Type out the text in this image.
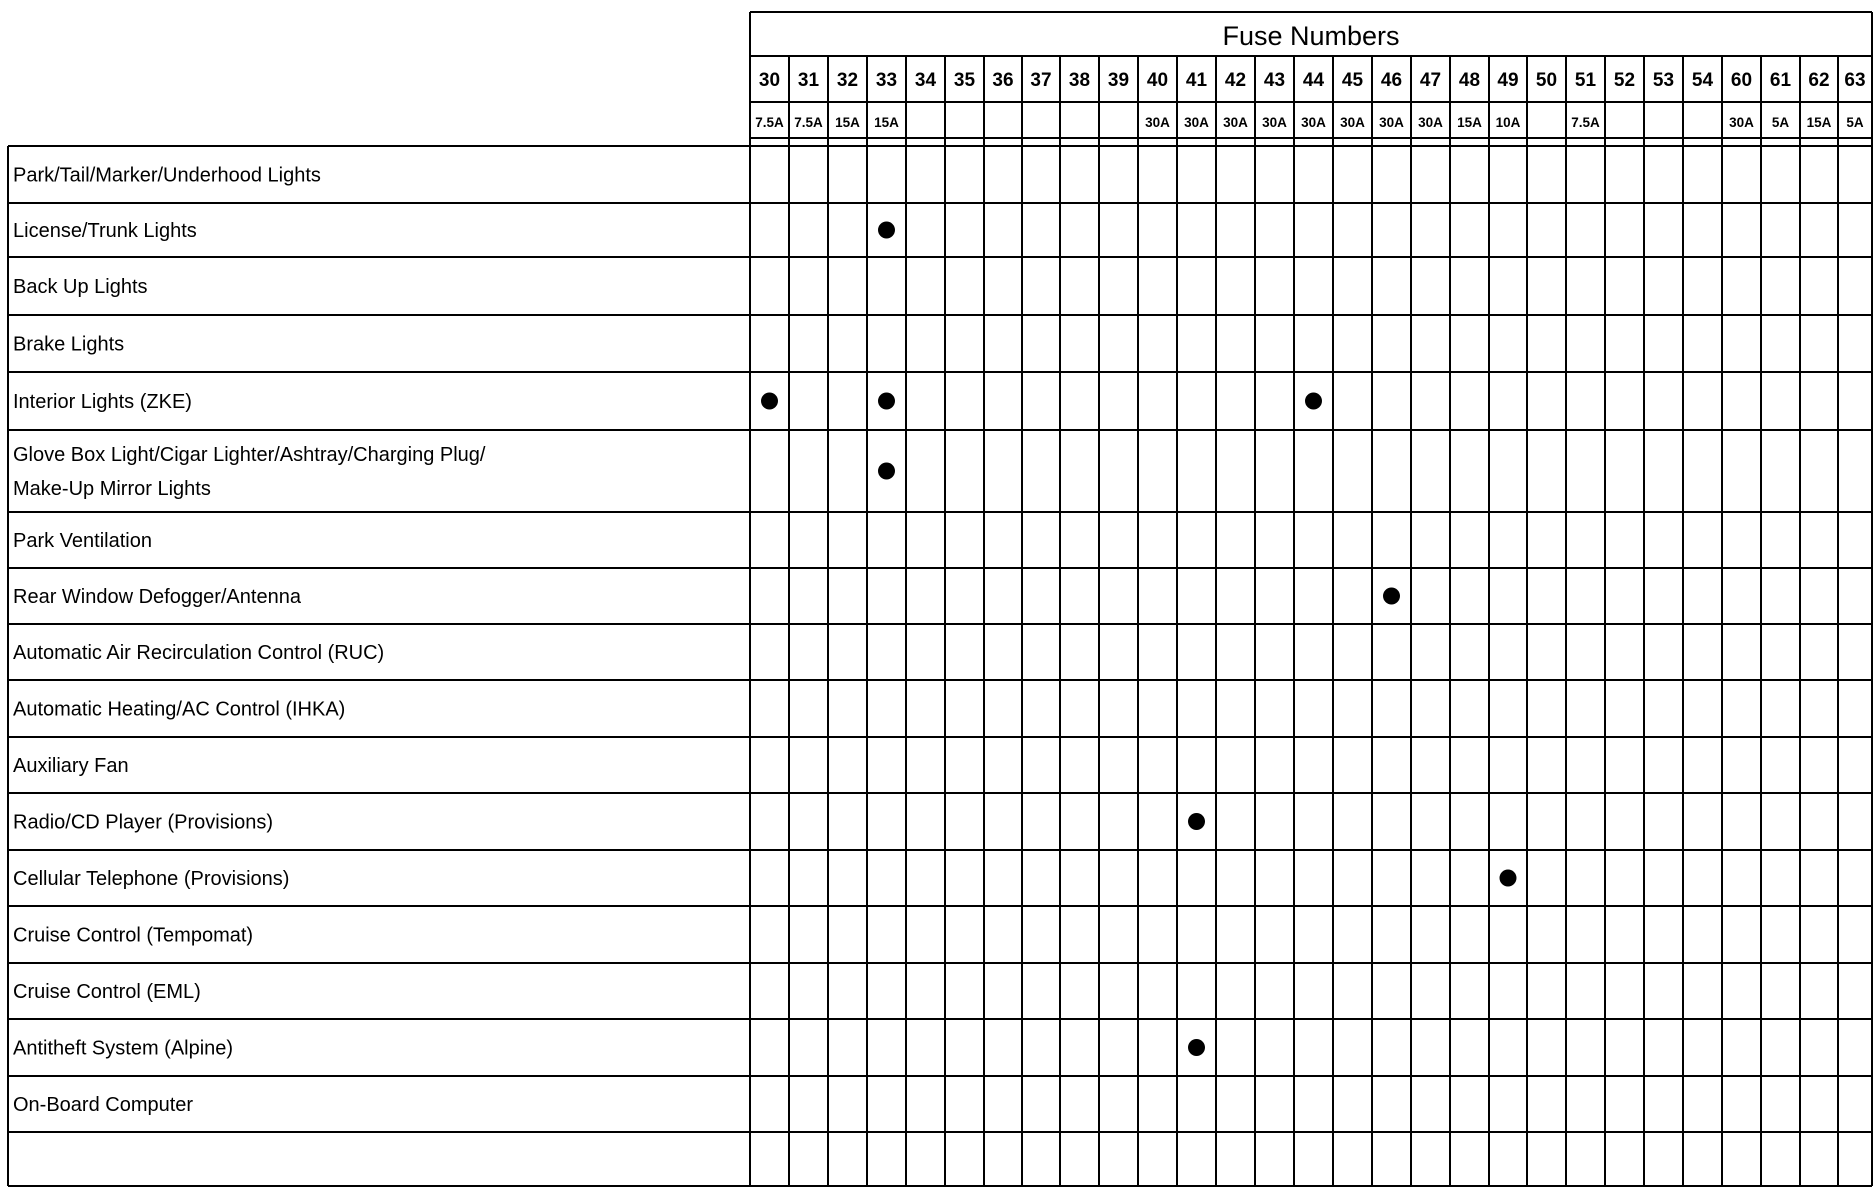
Fuse Numbers
30
7.5A
31
7.5A
32
15A
33
15A
34 35 36 37 38 39 40
30A
41
30A
42
30A
43
30A
44
30A
45
30A
46
30A
47
30A
48
15A
49
10A
50 51
7.5A
52 53 54 60
30A
61
5A
62
15A
63
5A
Park/Tail/Marker/Underhood Lights
License/Trunk Lights
Back Up Lights
Brake Lights
Interior Lights (ZKE)
Glove Box Light/Cigar Lighter/Ashtray/Charging Plug/
Make-Up Mirror Lights
Park Ventilation
Rear Window Defogger/Antenna
Automatic Air Recirculation Control (RUC)
Automatic Heating/AC Control (IHKA)
Auxiliary Fan
Radio/CD Player (Provisions)
Cellular Telephone (Provisions)
Cruise Control (Tempomat)
Cruise Control (EML)
Antitheft System (Alpine)
On-Board Computer
